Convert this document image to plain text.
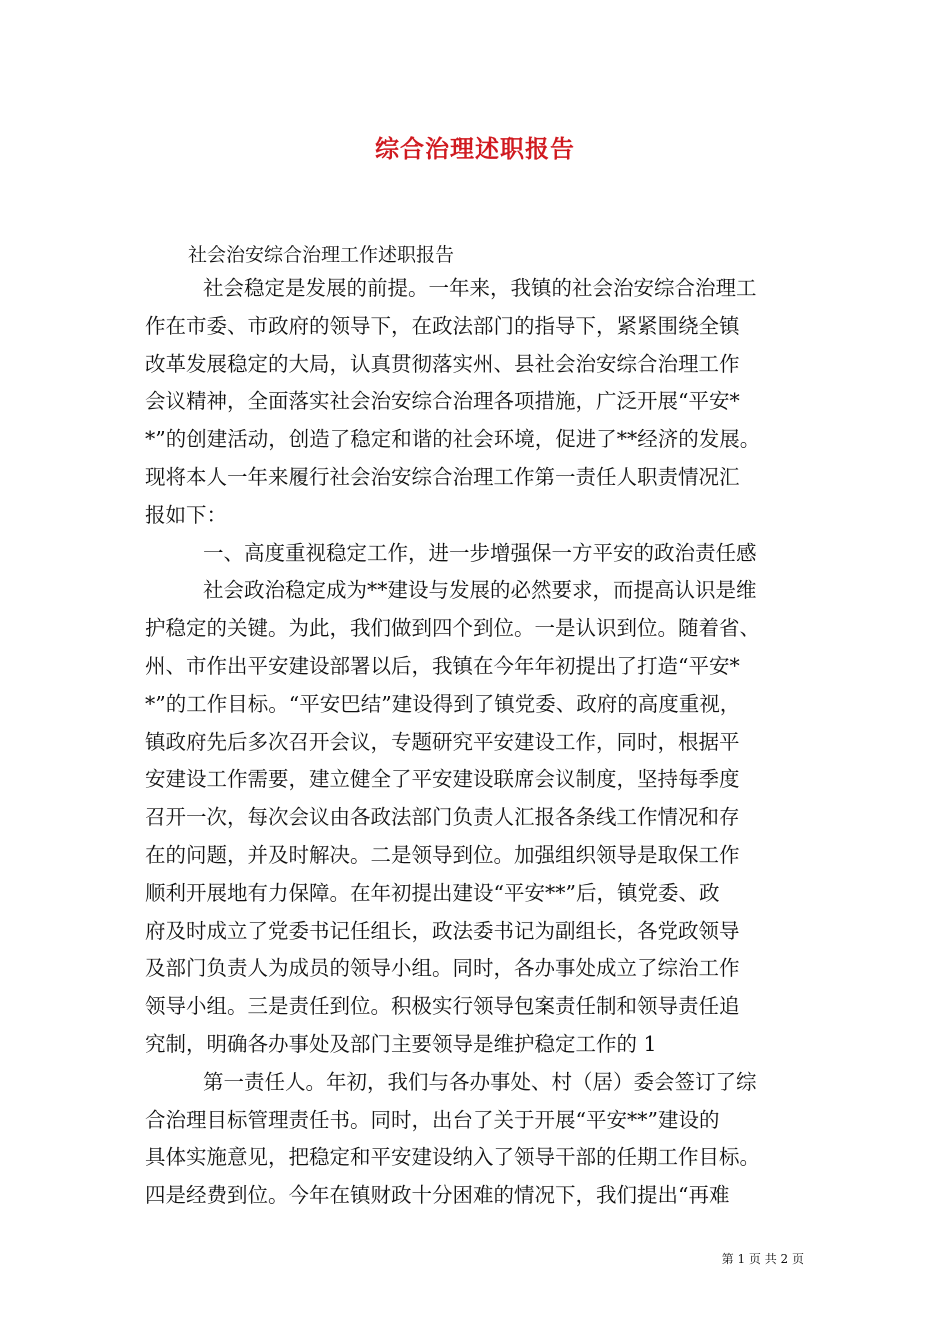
综合治理述职报告
社会治安综合治理工作述职报告
社会稳定是发展的前提。一年来，我镇的社会治安综合治理工
作在市委、市政府的领导下，在政法部门的指导下，紧紧围绕全镇
改革发展稳定的大局，认真贯彻落实州、县社会治安综合治理工作
会议精神，全面落实社会治安综合治理各项措施，广泛开展“平安*
*”的创建活动，创造了稳定和谐的社会环境，促进了**经济的发展。
现将本人一年来履行社会治安综合治理工作第一责任人职责情况汇
报如下：
一、高度重视稳定工作，进一步增强保一方平安的政治责任感
社会政治稳定成为**建设与发展的必然要求，而提高认识是维
护稳定的关键。为此，我们做到四个到位。一是认识到位。随着省、
州、市作出平安建设部署以后，我镇在今年年初提出了打造“平安*
*”的工作目标。“平安巴结”建设得到了镇党委、政府的高度重视，
镇政府先后多次召开会议，专题研究平安建设工作，同时，根据平
安建设工作需要，建立健全了平安建设联席会议制度，坚持每季度
召开一次，每次会议由各政法部门负责人汇报各条线工作情况和存
在的问题，并及时解决。二是领导到位。加强组织领导是取保工作
顺利开展地有力保障。在年初提出建设“平安**”后，镇党委、政
府及时成立了党委书记任组长，政法委书记为副组长，各党政领导
及部门负责人为成员的领导小组。同时，各办事处成立了综治工作
领导小组。三是责任到位。积极实行领导包案责任制和领导责任追
究制，明确各办事处及部门主要领导是维护稳定工作的 1
第一责任人。年初，我们与各办事处、村（居）委会签订了综
合治理目标管理责任书。同时，出台了关于开展“平安**”建设的
具体实施意见，把稳定和平安建设纳入了领导干部的任期工作目标。
四是经费到位。今年在镇财政十分困难的情况下，我们提出“再难
第 1 页 共 2 页
